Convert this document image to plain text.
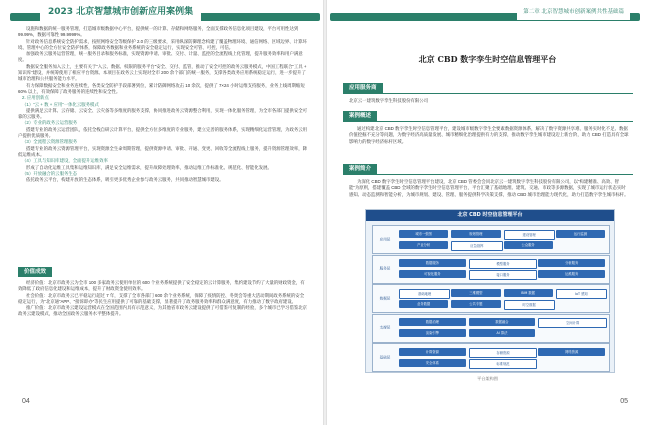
2023 北京智慧城市创新应用案例集

设施和数据的统一服务管理，打造城市级数据中心平台，提供统一的计算、存储和网络服务，全面支撑政务信息化项目建设，平台可用性达到 99.99%，数据可靠性 99.9999%。

针对政务信息系统安全防护需求，按照网络安全等级保护 2.0 的三级要求，采用纵深防御理念构建了覆盖物理环境、通信网络、区域边界、计算环境、管理中心的全方位安全防护体系，保障政务数据和业务系统的安全稳定运行，实现安全可管、可控、可信。

加强政务云服务运营管理，统一服务目录和服务标准，实现资源申请、审批、交付、计量、监控的全流程线上化管理，提升服务效率和用户满意度。

数据安全服务加入云上，主要有关于“入云、数据、权限的服务平台”安全、交付、监管，推动了安全可控的政务云服务模式，中国工程联合“工具 + 知识库”建设，并统筹使用了相应平台资源。本项目在政务云上实现对全市 200 余个部门的统一服务，支撑各类政务应用系统稳定运行，进一步提升了城市治理和公共服务能力水平。

有力保障数据安全和业务连续性，各类安全防护手段部署到位，累计防御网络攻击 10 余次，提供了 7×24 小时运维支持服务，业务上线周期缩短 60% 以上，有效保障了政务服务的连续性和安全性。

2. 应用创新点

（1）“云 + 数 + 应用”一体化云服务模式

提供满足云计算、云存储、云安全、云灾备等多维度的服务支撑，协同推进政务云资源整合利用，实现一体化服务管理，为全市各部门提供安全可靠的云服务。

（2）专业的政务云运营服务

搭建专业的政务云运营团队，依托全栈自研云计算平台，提供全方位多维度的专业服务，建立完善的服务体系，实现精细化运营管理，为政务云用户提供优质服务。

（3）全流程云资源管理服务

搭建专业的政务云资源管理平台，实现资源全生命周期管理，提供资源申请、审批、开通、变更、回收等全流程线上服务，提升资源管理效率，降低运维成本。

（4）工具与知识库建设，全面提升运维效率

形成了自动化运维工具集和运维知识库，满足安全运维需求，提升故障处理效率，推动运维工作标准化、规范化、智能化发展。

（5）开放融合的云服务生态

依托政务云平台，构建开放的生态体系，吸引更多优秀企业参与政务云服务，共同推动智慧城市建设。

价值成效

经济价值：北京市政务云为全市 100 多家政务云使用单位的 600 个业务系统提供了安全稳定的云计算服务，集约建设节约了大量的财政资金，有效降低了政府信息化建设和运维成本，提升了财政资金使用效率。

社会价值：北京市政务云已平稳运行超过 7 年，支撑了全市各部门 600 余个业务系统，保障了疫情防控、冬奥会等重大活动期间政务系统的安全稳定运行，为“北京通”APP、“接诉即办”等民生应用提供了可靠的基础支撑，显著提升了政务服务效率和群众满意度，有力推动了数字政府建设。

推广价值：北京市政务云建设运营模式在全国范围内具有示范意义，为其他省市政务云建设提供了可借鉴可复制的经验，多个城市已学习借鉴北京政务云建设模式，推动全国政务云服务水平整体提升。

04
第二章 北京智慧城市创新案例共性基础篇
北京 CBD 数字孪生时空信息管理平台
应用服务商

北京云一建筑数字孪生科技股份有限公司

案例概述

通过构建北京 CBD 数字孪生时空信息管理平台，建设城市级数字孪生全要素数据资源体系，解决了数字资源共享难、服务实时化不足、数据价值挖掘不充分等问题，为数字经济高质量发展、城市精细化治理提供有力的支撑，推动数字孪生城市建设迈上新台阶，助力 CBD 打造具有全球影响力的数字经济标杆区域。

案例简介

为深化 CBD 数字孪生时空信息管理平台建设，北京 CBD 管委会会同北京云一建筑数字孪生科技股份有限公司，以“构建精准、高效、智能”为原则，搭建覆盖 CBD 全域的数字孪生时空信息管理平台，平台汇聚了基础地理、建筑、交通、市政等多源数据，实现了城市运行状态实时感知、动态监测和智能分析，为城市规划、建设、管理、服务提供科学决策支撑，推动 CBD 城市治理能力现代化，助力打造数字孪生城市标杆。

北京 CBD 时空信息管理平台
应用层
城市一张图	规划管理	建设管理	运行监测
产业分析	应急指挥	公众服务
服务层
数据服务	模型服务	分析服务
可视化服务	接口服务	运维服务
数据层
基础地理	三维模型	BIM 数据	IoT 感知
业务数据	公共专题	时空数据
支撑层
数据治理	数据融合	空间计算
渲染引擎	AI 算法
基础层
计算资源	存储资源	网络资源
安全体系	标准规范
平台架构图
05
